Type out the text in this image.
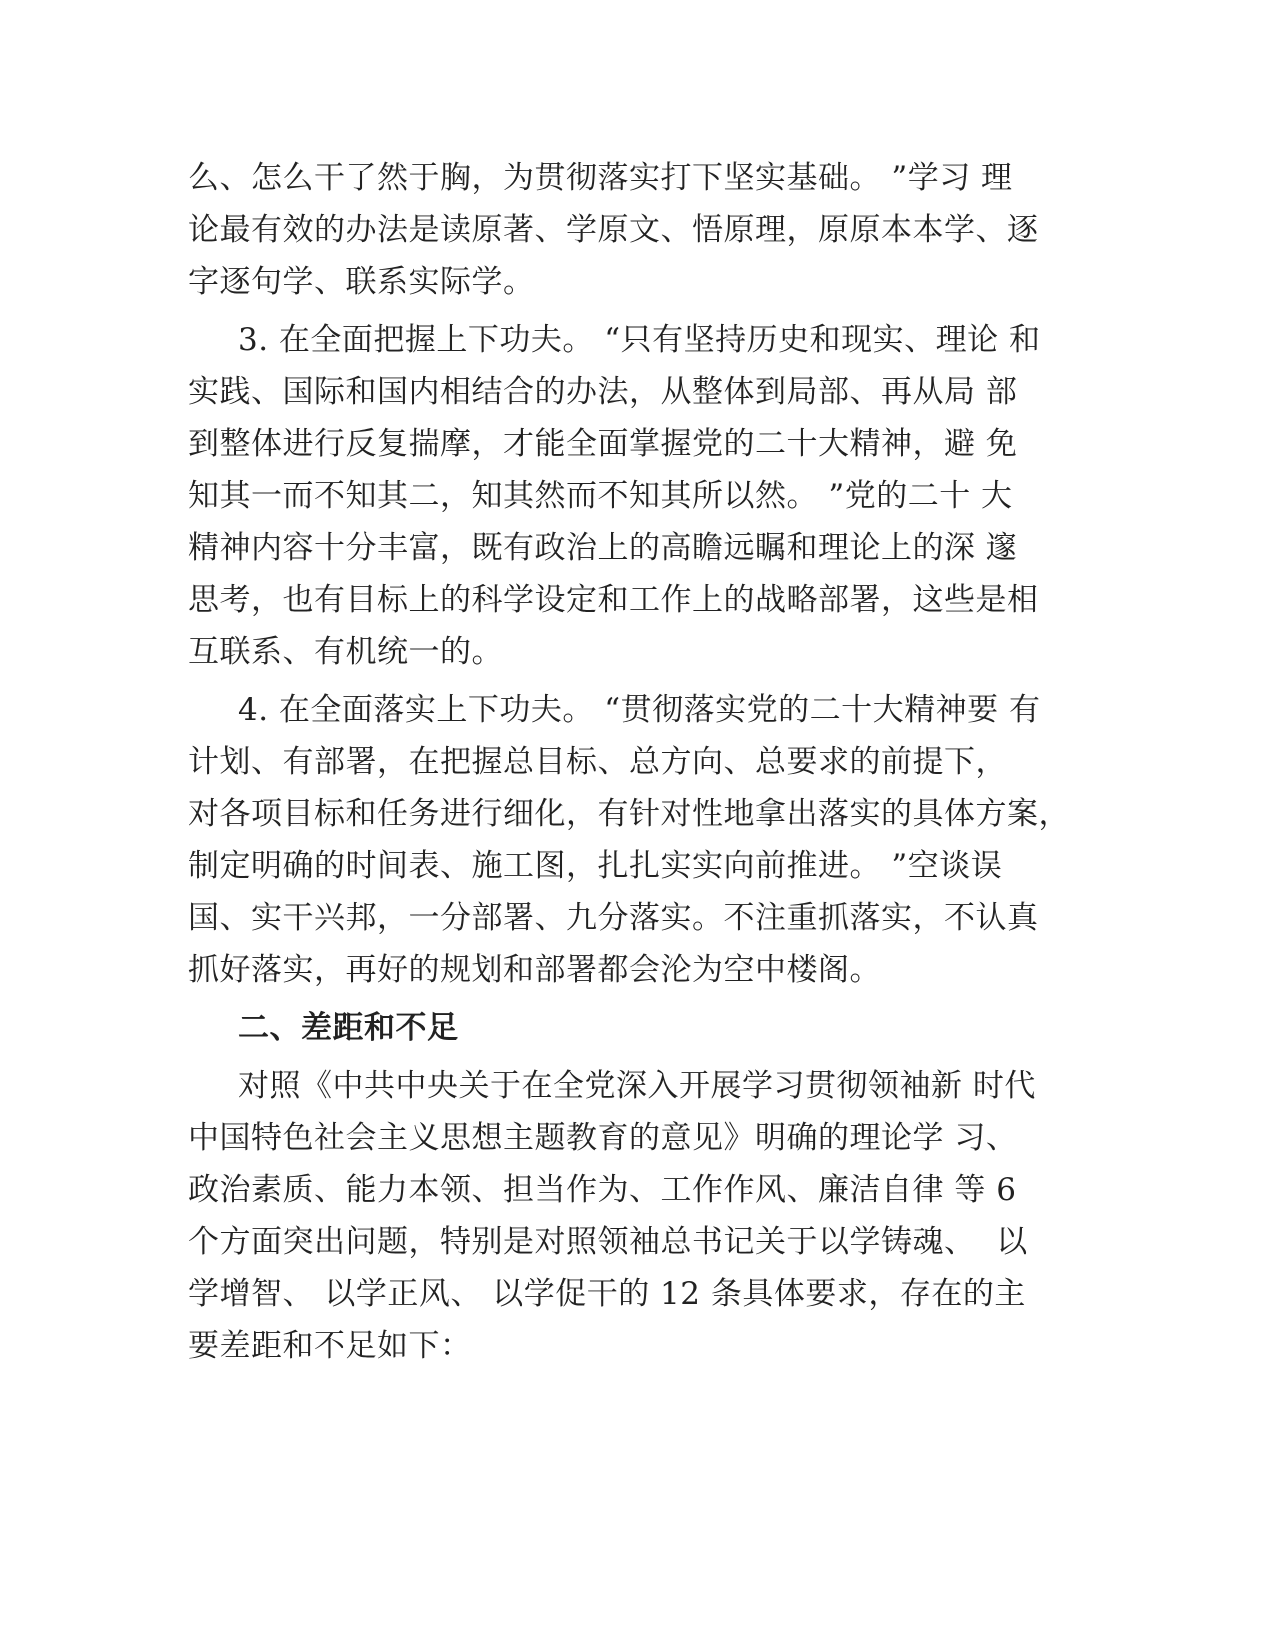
么、怎么干了然于胸，为贯彻落实打下坚实基础。 ”学习 理
论最有效的办法是读原著、学原文、悟原理，原原本本学、逐
字逐句学、联系实际学。
3. 在全面把握上下功夫。 “只有坚持历史和现实、理论 和
实践、国际和国内相结合的办法，从整体到局部、再从局 部
到整体进行反复揣摩，才能全面掌握党的二十大精神，避 免
知其一而不知其二，知其然而不知其所以然。 ”党的二十 大
精神内容十分丰富，既有政治上的高瞻远瞩和理论上的深 邃
思考，也有目标上的科学设定和工作上的战略部署，这些是相
互联系、有机统一的。
4. 在全面落实上下功夫。 “贯彻落实党的二十大精神要 有
计划、有部署，在把握总目标、总方向、总要求的前提下，
对各项目标和任务进行细化，有针对性地拿出落实的具体方案，
制定明确的时间表、施工图，扎扎实实向前推进。 ”空谈误
国、实干兴邦，一分部署、九分落实。不注重抓落实，不认真
抓好落实，再好的规划和部署都会沦为空中楼阁。
二、差距和不足
对照《中共中央关于在全党深入开展学习贯彻领袖新 时代
中国特色社会主义思想主题教育的意见》明确的理论学 习、
政治素质、能力本领、担当作为、工作作风、廉洁自律 等 6
个方面突出问题，特别是对照领袖总书记关于以学铸魂、  以
学增智、 以学正风、 以学促干的 12 条具体要求，存在的主
要差距和不足如下：
